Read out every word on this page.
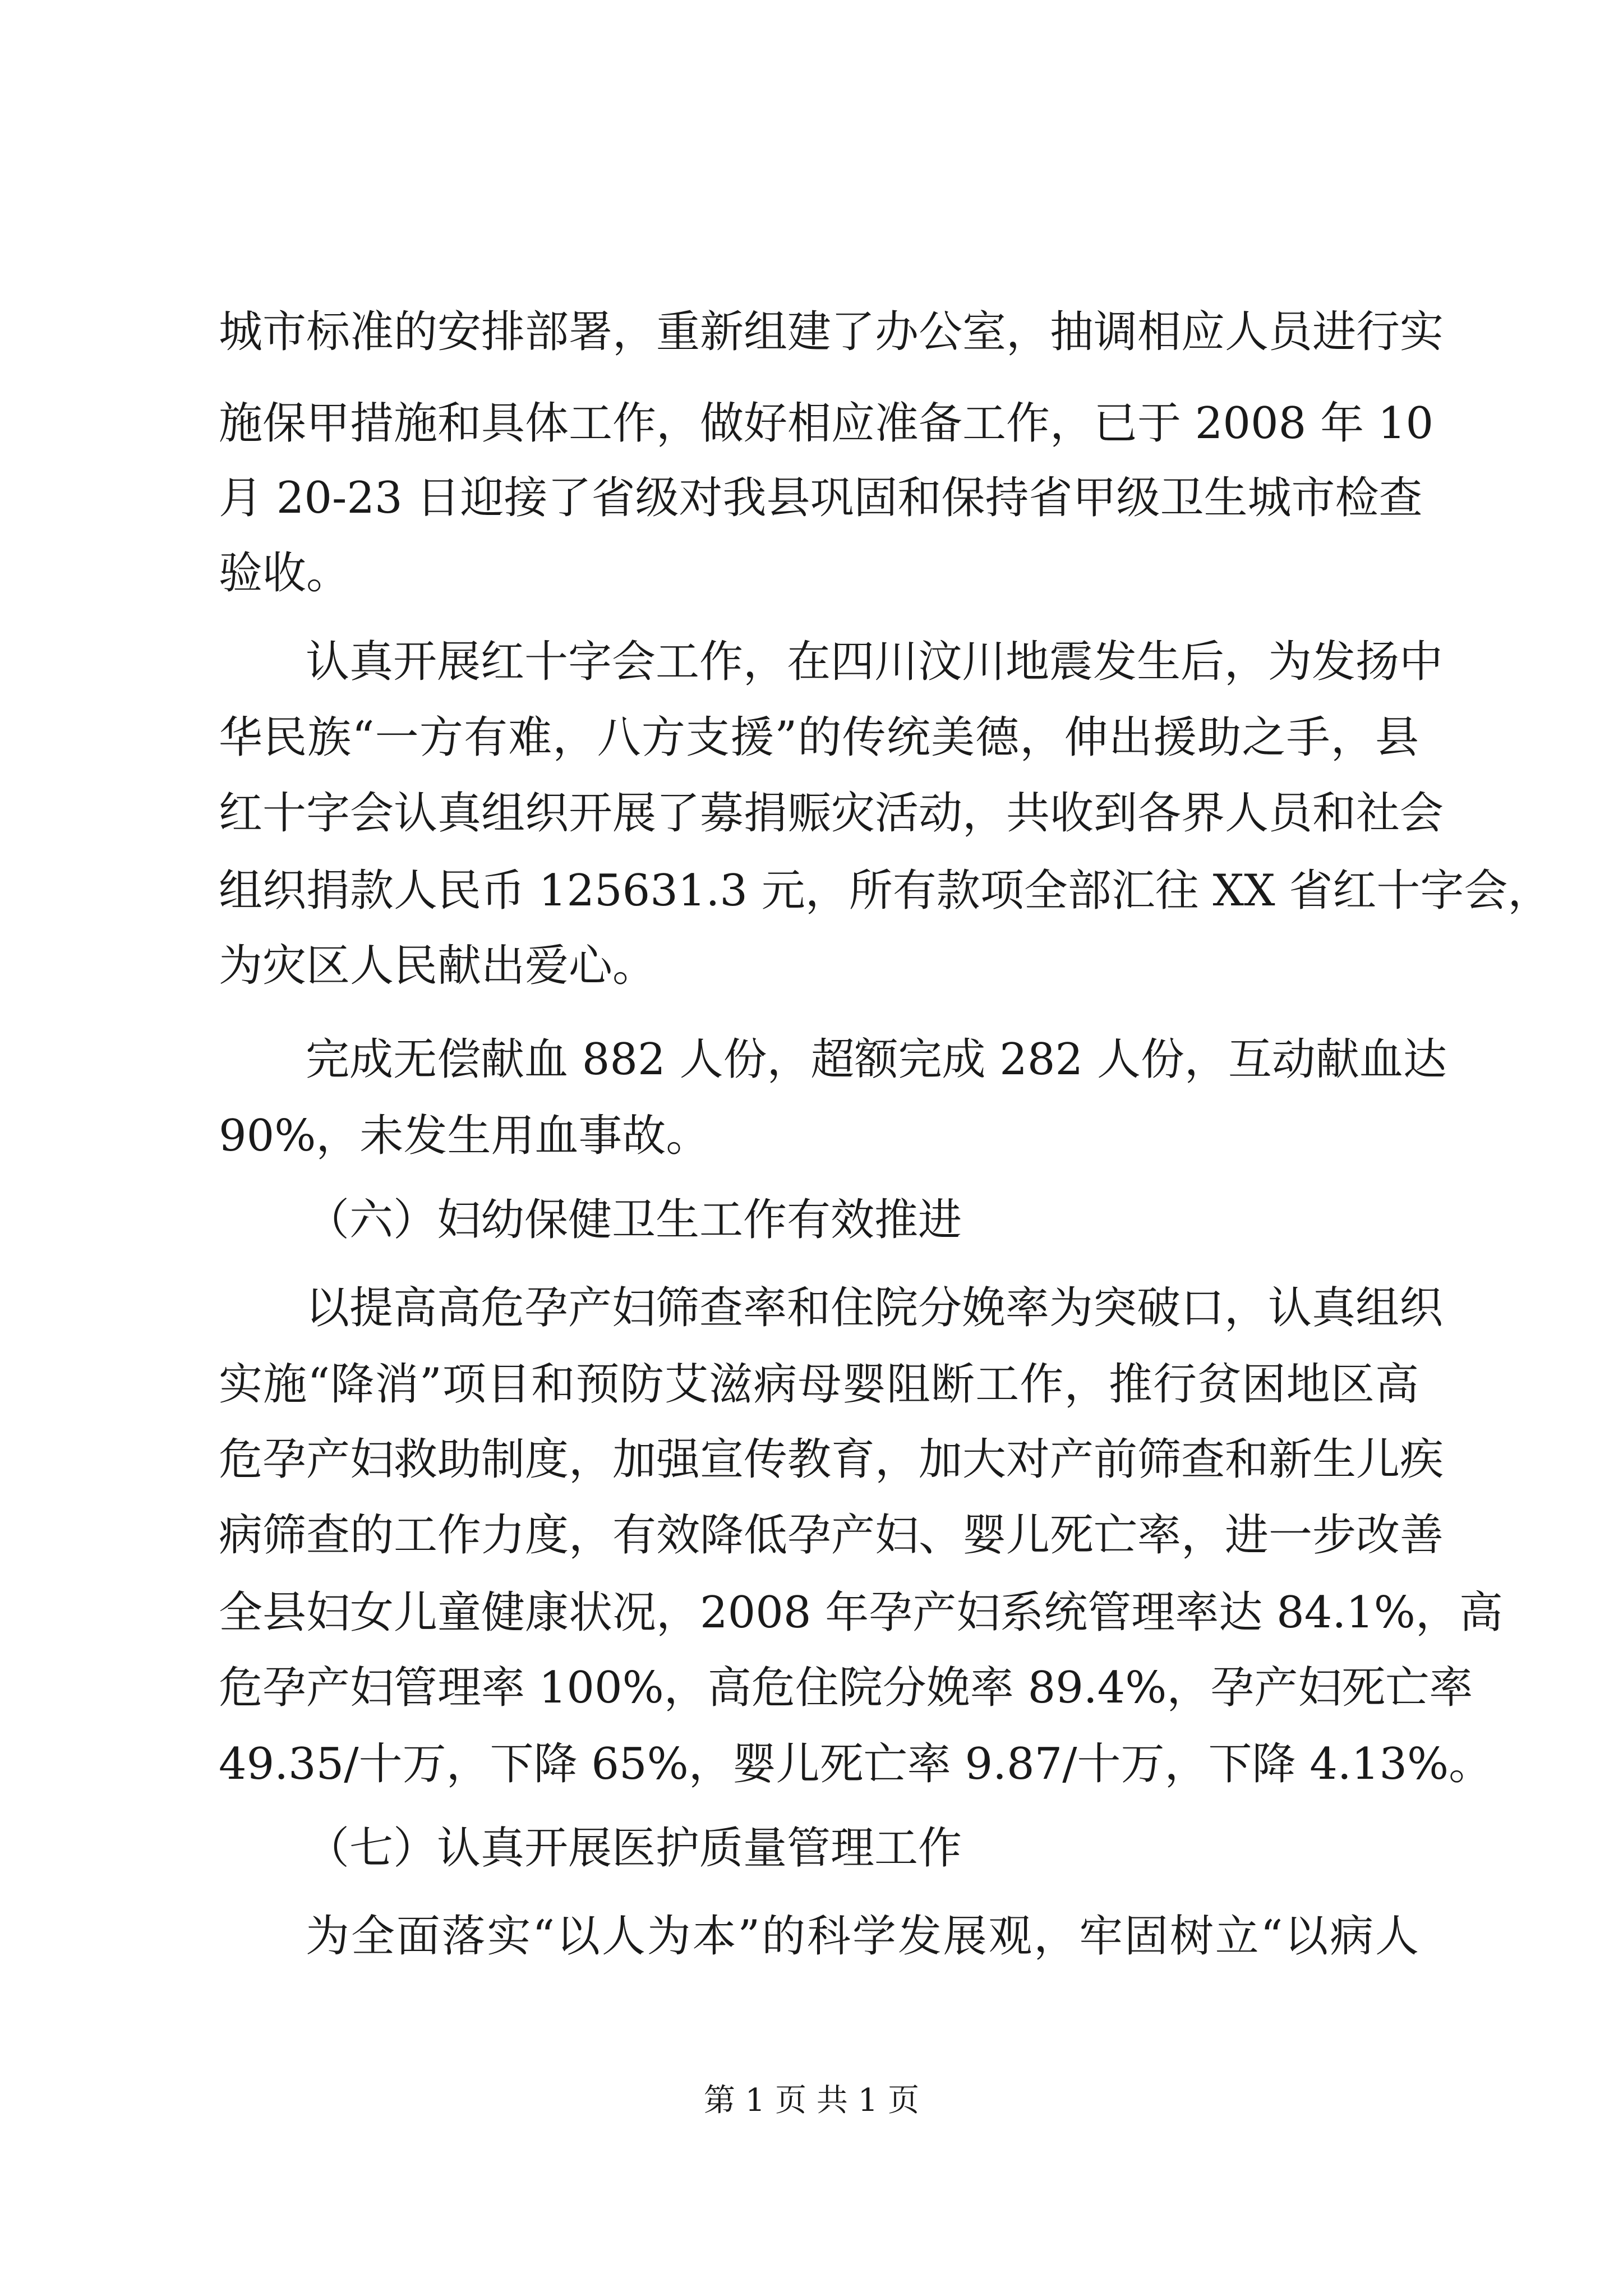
城市标准的安排部署，重新组建了办公室，抽调相应人员进行实
施保甲措施和具体工作，做好相应准备工作，已于 2008 年 10
月 20-23 日迎接了省级对我县巩固和保持省甲级卫生城市检查
验收。
认真开展红十字会工作，在四川汶川地震发生后，为发扬中
华民族“一方有难，八方支援”的传统美德，伸出援助之手，县
红十字会认真组织开展了募捐赈灾活动，共收到各界人员和社会
组织捐款人民币 125631.3 元，所有款项全部汇往 XX 省红十字会，
为灾区人民献出爱心。
完成无偿献血 882 人份，超额完成 282 人份，互动献血达
90%，未发生用血事故。
（六）妇幼保健卫生工作有效推进
以提高高危孕产妇筛查率和住院分娩率为突破口，认真组织
实施“降消”项目和预防艾滋病母婴阻断工作，推行贫困地区高
危孕产妇救助制度，加强宣传教育，加大对产前筛查和新生儿疾
病筛查的工作力度，有效降低孕产妇、婴儿死亡率，进一步改善
全县妇女儿童健康状况，2008 年孕产妇系统管理率达 84.1%，高
危孕产妇管理率 100%，高危住院分娩率 89.4%，孕产妇死亡率
49.35/十万，下降 65%，婴儿死亡率 9.87/十万，下降 4.13%。
（七）认真开展医护质量管理工作
为全面落实“以人为本”的科学发展观，牢固树立“以病人
第 1 页 共 1 页
